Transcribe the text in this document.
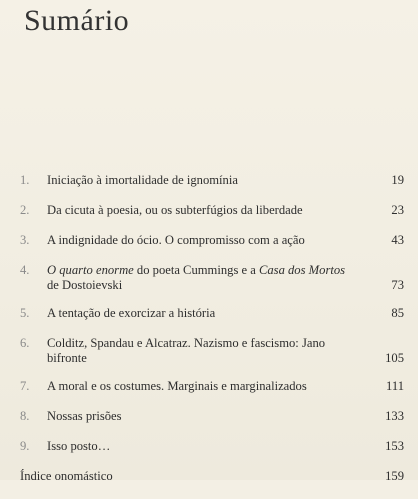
Sumário
1.	Iniciação à imortalidade de ignomínia	19
2.	Da cicuta à poesia, ou os subterfúgios da liberdade	23
3.	A indignidade do ócio. O compromisso com a ação	43
4.	O quarto enorme do poeta Cummings e a Casa dos Mortos
de Dostoievski	73
5.	A tentação de exorcizar a história	85
6.	Colditz, Spandau e Alcatraz. Nazismo e fascismo: Jano
bifronte	105
7.	A moral e os costumes. Marginais e marginalizados	111
8.	Nossas prisões	133
9.	Isso posto…	153
Índice onomástico	159
